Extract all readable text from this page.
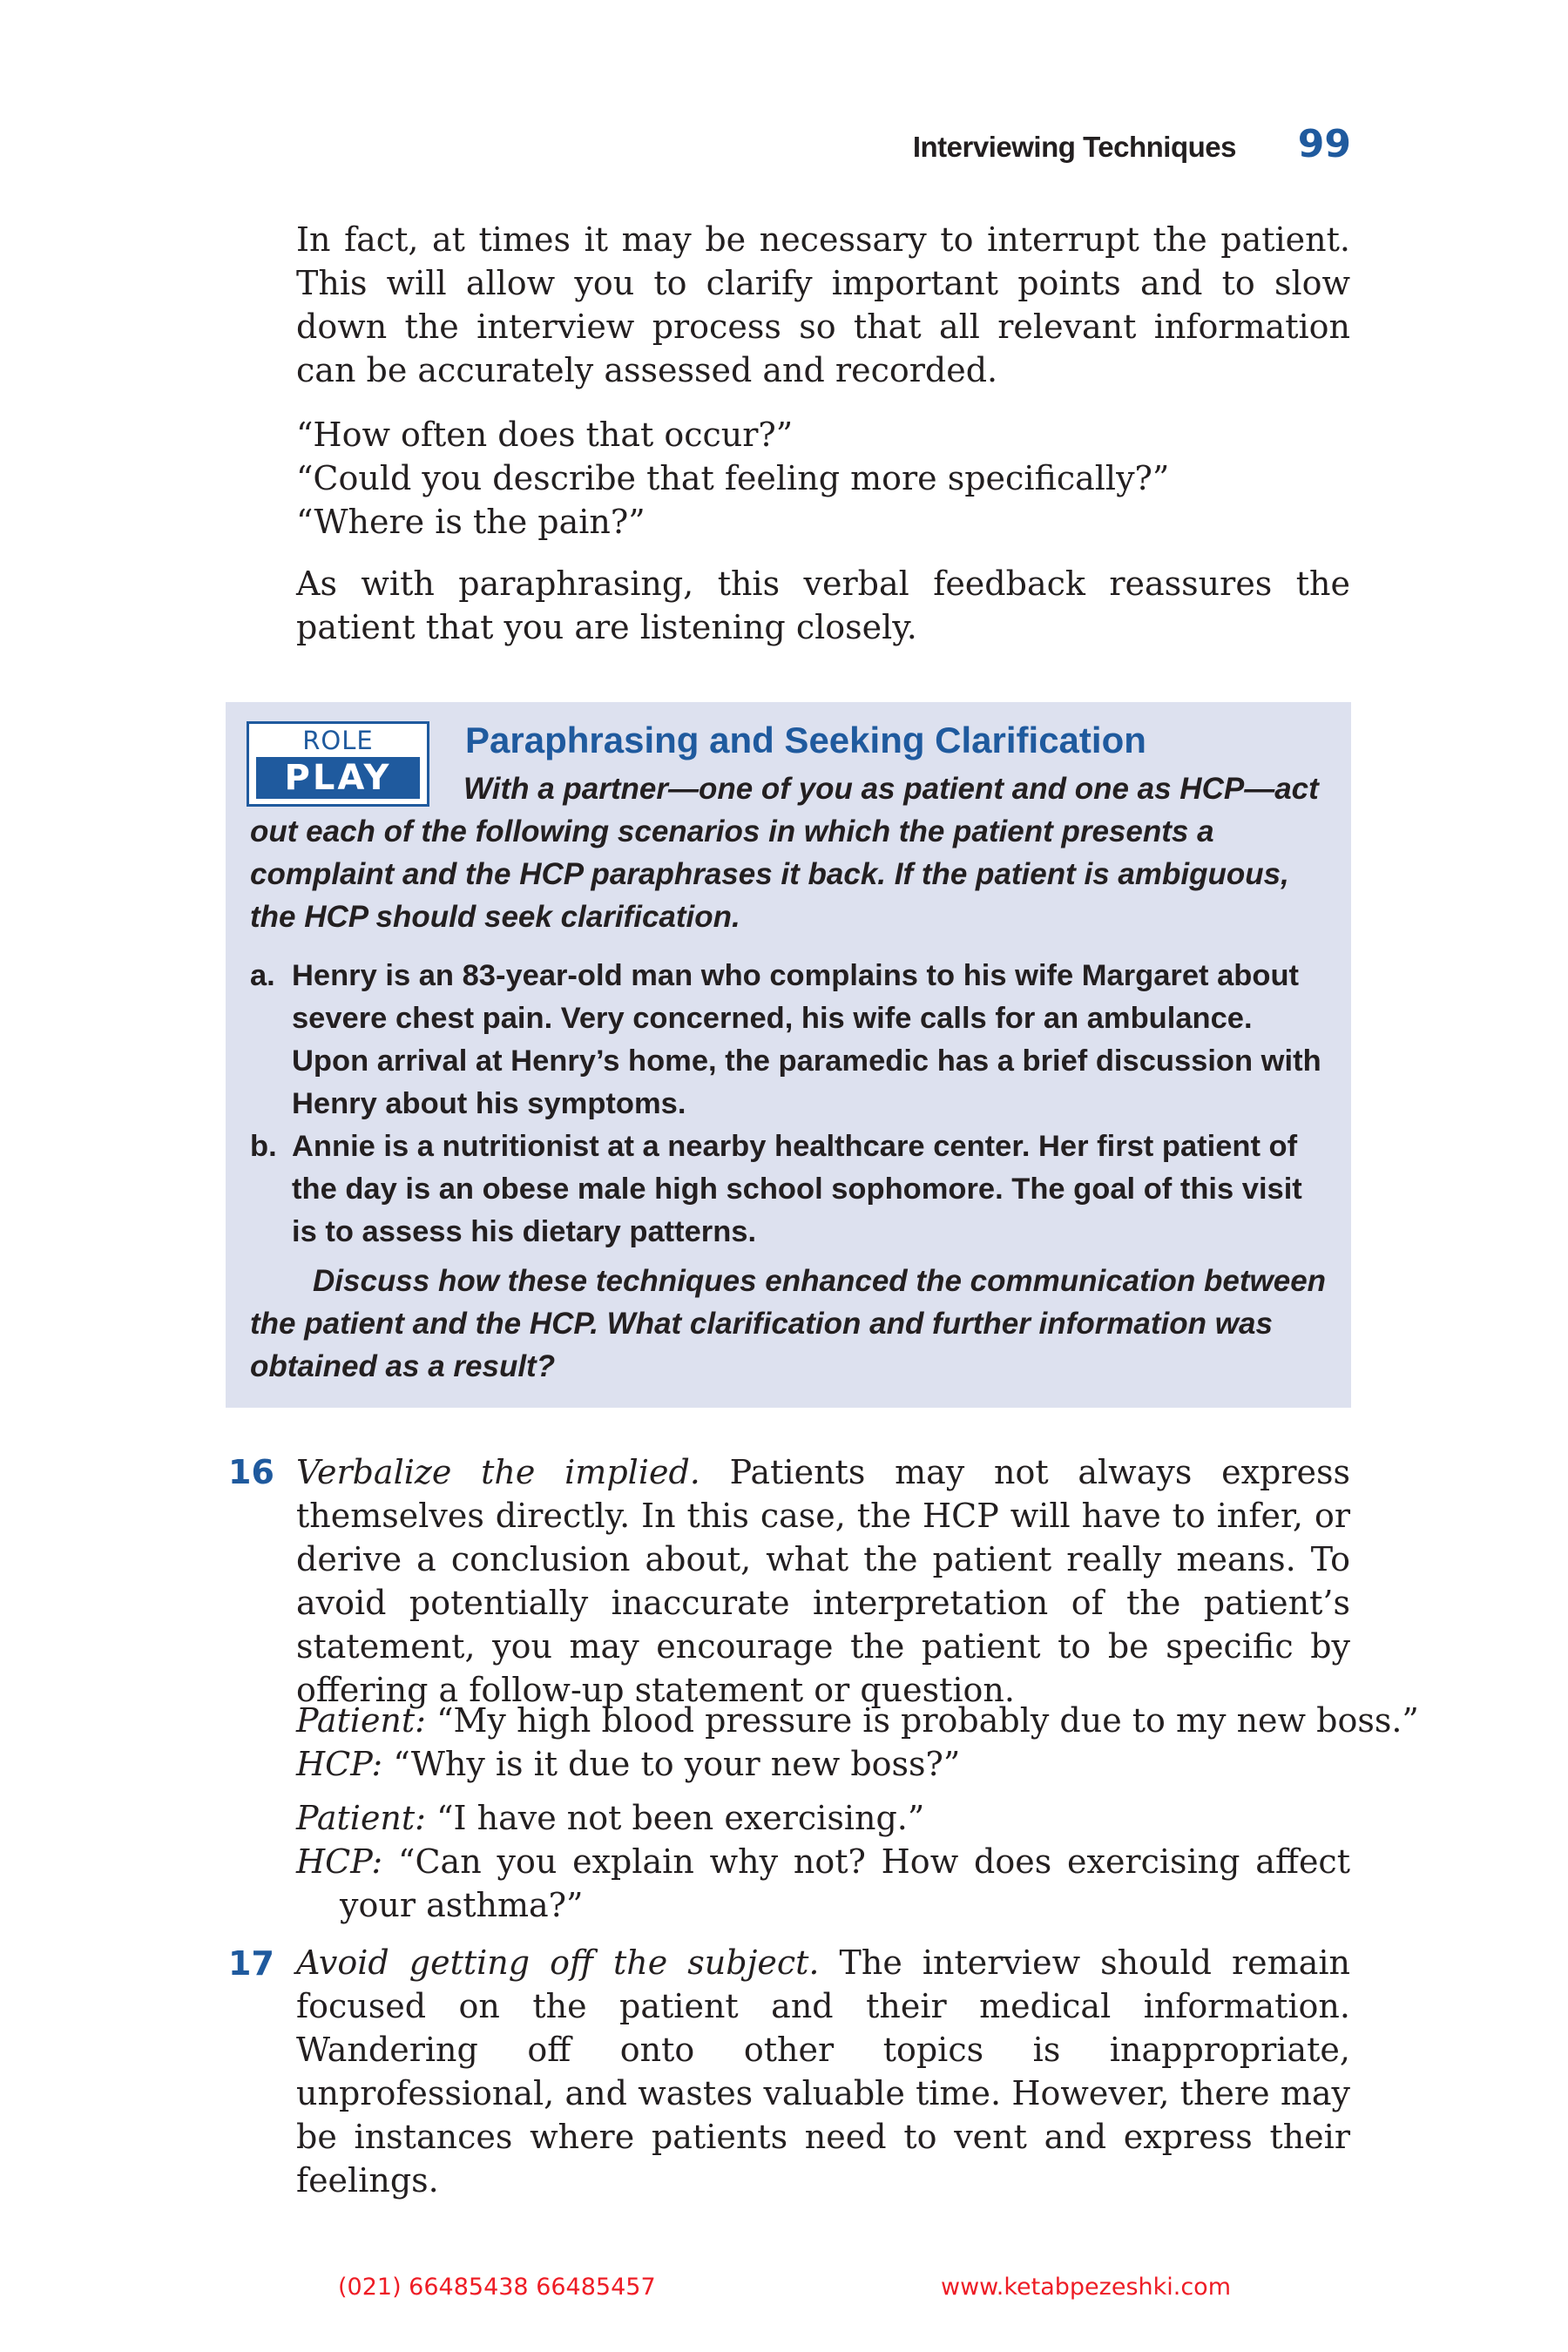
Interviewing Techniques 99

In fact, at times it may be necessary to interrupt the patient. This will allow you to clarify important points and to slow down the interview process so that all relevant information can be accurately assessed and recorded.

“How often does that occur?”
“Could you describe that feeling more specifically?”
“Where is the pain?”

As with paraphrasing, this verbal feedback reassures the patient that you are listening closely.

ROLE
PLAY
Paraphrasing and Seeking Clarification
With a partner—one of you as patient and one as HCP—act out each of the following scenarios in which the patient presents a complaint and the HCP paraphrases it back. If the patient is ambiguous, the HCP should seek clarification.
a. Henry is an 83-year-old man who complains to his wife Margaret about severe chest pain. Very concerned, his wife calls for an ambulance. Upon arrival at Henry’s home, the paramedic has a brief discussion with Henry about his symptoms.
b. Annie is a nutritionist at a nearby healthcare center. Her first patient of the day is an obese male high school sophomore. The goal of this visit is to assess his dietary patterns.
Discuss how these techniques enhanced the communication between the patient and the HCP. What clarification and further information was obtained as a result?
16 Verbalize the implied. Patients may not always express themselves directly. In this case, the HCP will have to infer, or derive a conclusion about, what the patient really means. To avoid potentially inaccurate interpretation of the patient’s statement, you may encourage the patient to be specific by offering a follow-up statement or question.

Patient: “My high blood pressure is probably due to my new boss.”
HCP: “Why is it due to your new boss?”
Patient: “I have not been exercising.”
HCP: “Can you explain why not? How does exercising affect your asthma?”
17 Avoid getting off the subject. The interview should remain focused on the patient and their medical information. Wandering off onto other topics is inappropriate, unprofessional, and wastes valuable time. However, there may be instances where patients need to vent and express their feelings.

(021) 66485438 66485457	www.ketabpezeshki.com
